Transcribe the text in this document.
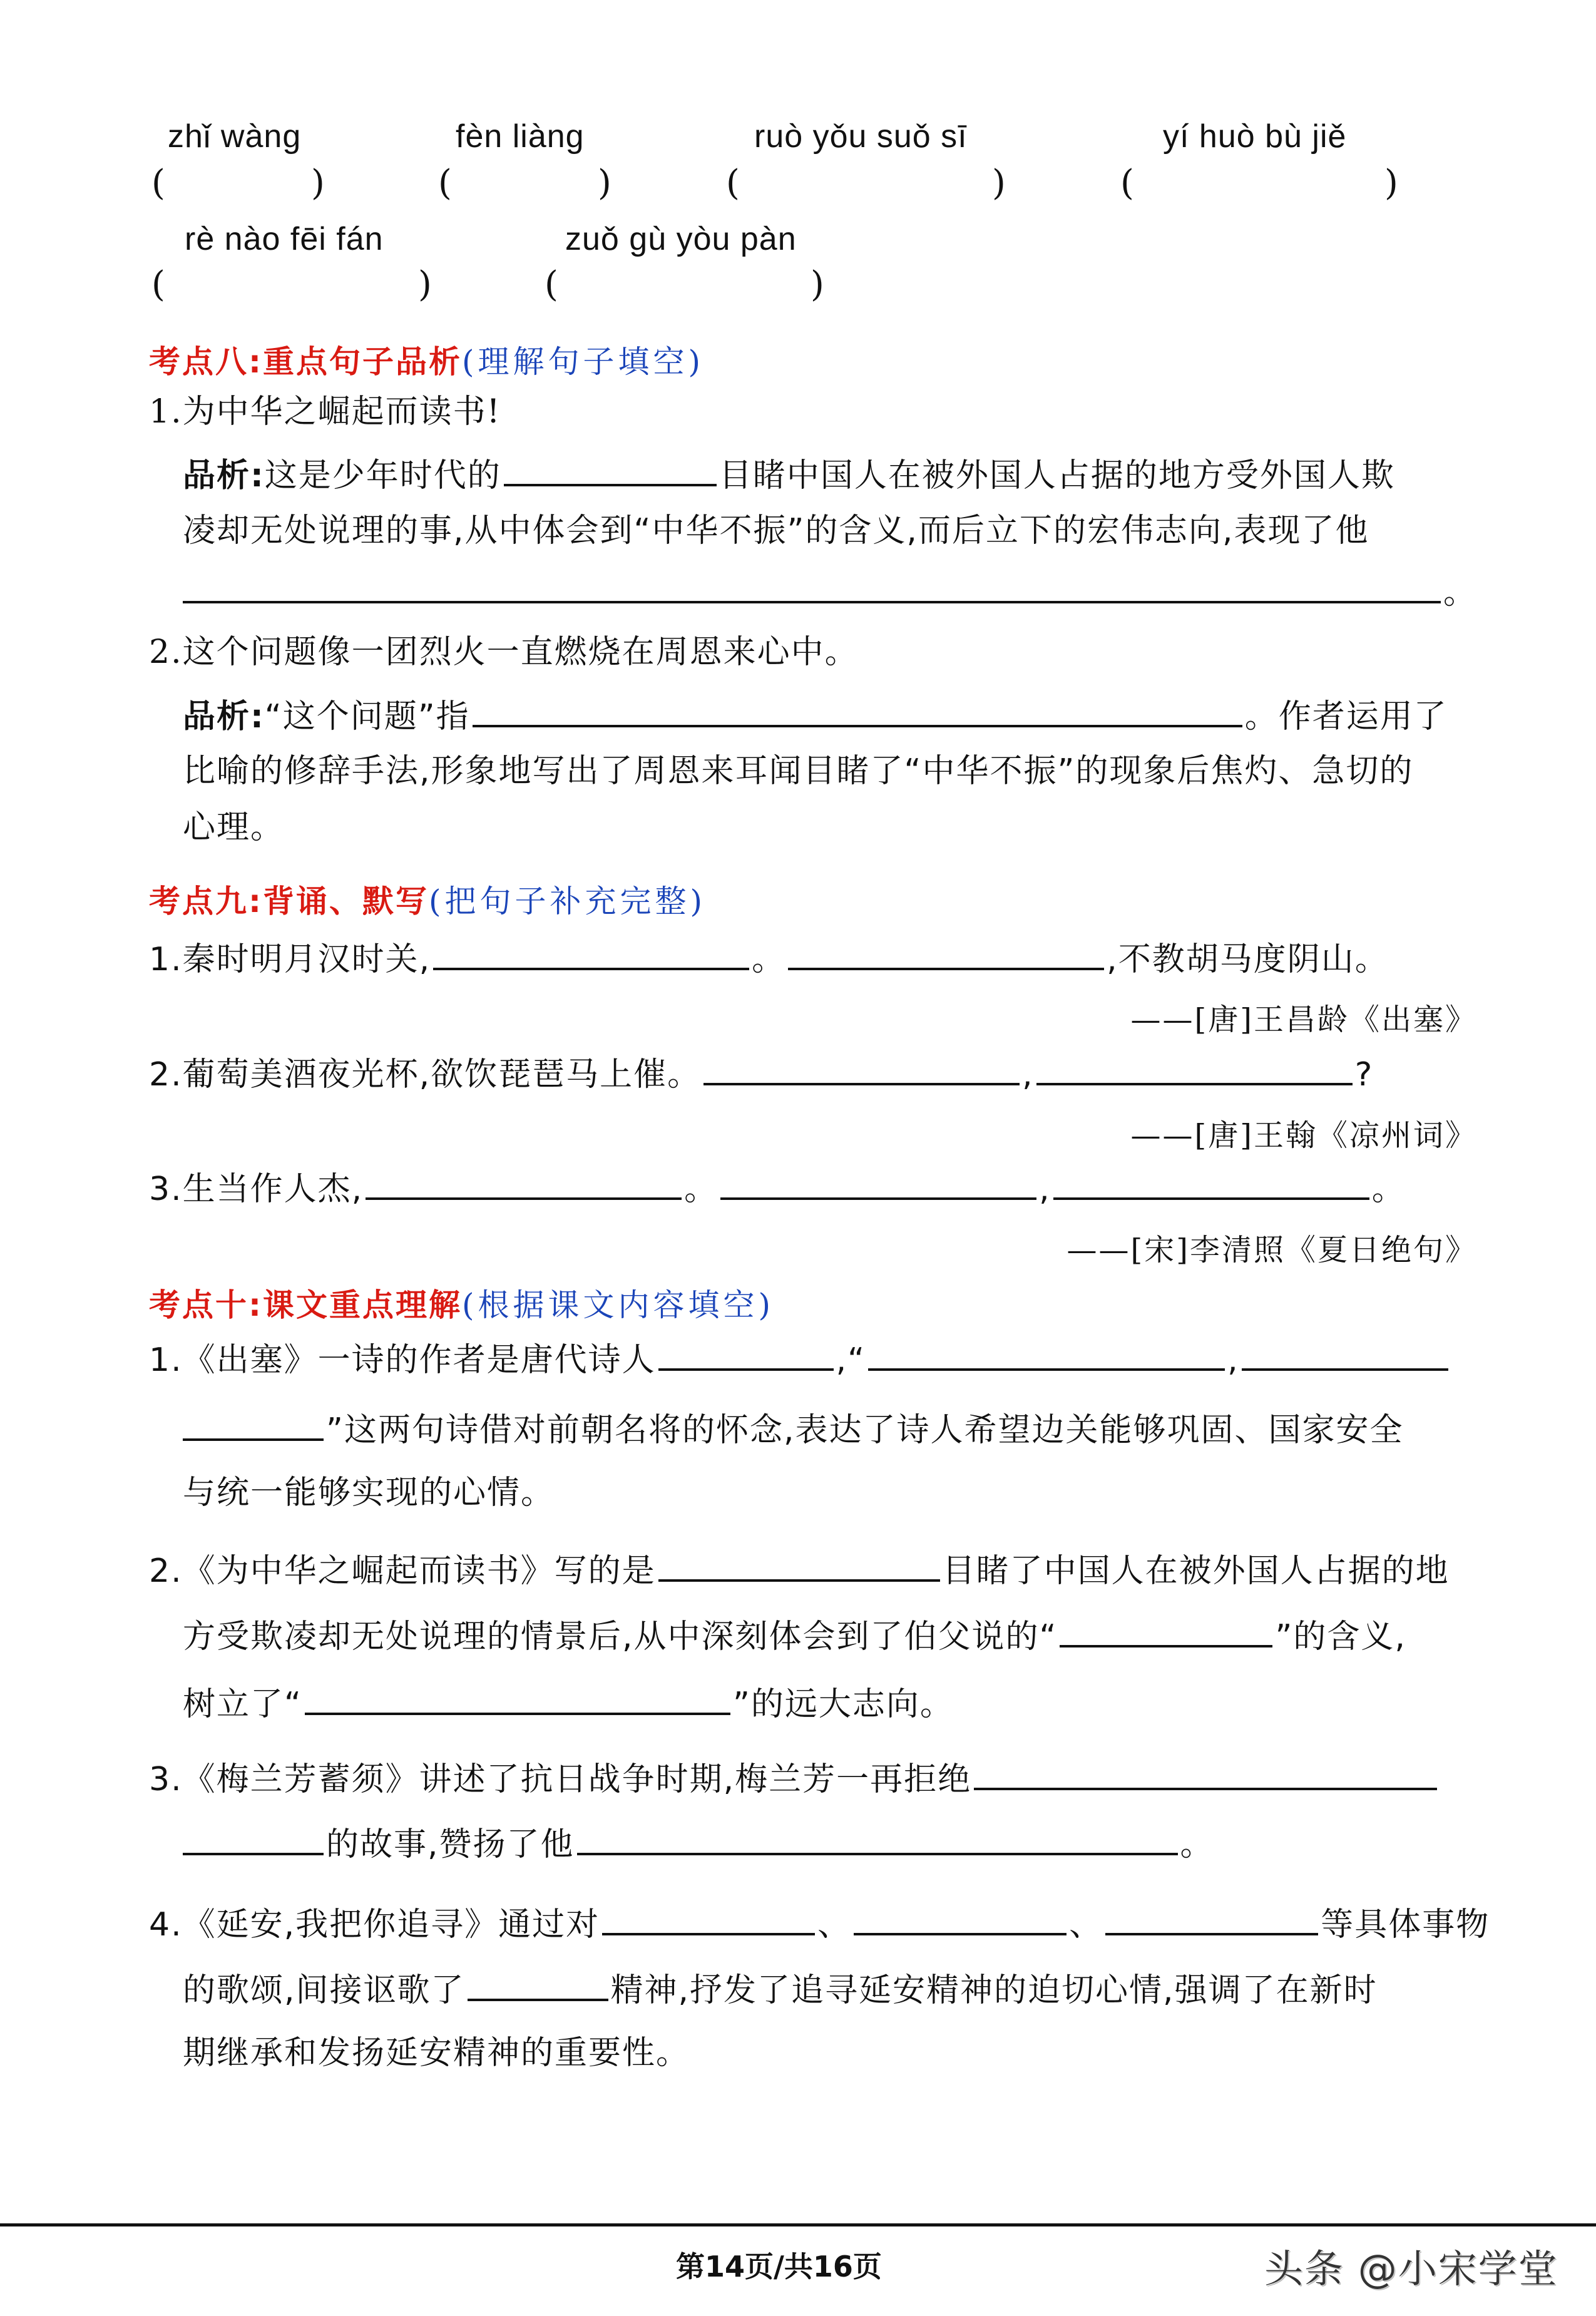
zhǐ wàng
(	)
fèn liàng
(	)
ruò yǒu suǒ sī
(	)
yí huò bù jiě
(	)
rè nào fēi fán
(	)
zuǒ gù yòu pàn
(	)
考点八:重点句子品析(理解句子填空)
1.为中华之崛起而读书!
品析:这是少年时代的	目睹中国人在被外国人占据的地方受外国人欺
凌却无处说理的事,从中体会到“中华不振”的含义,而后立下的宏伟志向,表现了他
。
2.这个问题像一团烈火一直燃烧在周恩来心中。
品析:“这个问题”指	。作者运用了
比喻的修辞手法,形象地写出了周恩来耳闻目睹了“中华不振”的现象后焦灼、急切的
心理。
考点九:背诵、默写(把句子补充完整)
1.秦时明月汉时关,	。	,不教胡马度阴山。
——[唐]王昌龄《出塞》
2.葡萄美酒夜光杯,欲饮琵琶马上催。	,	?
——[唐]王翰《凉州词》
3.生当作人杰,	。	,	。
——[宋]李清照《夏日绝句》
考点十:课文重点理解(根据课文内容填空)
1.《出塞》一诗的作者是唐代诗人	,“	,
”这两句诗借对前朝名将的怀念,表达了诗人希望边关能够巩固、国家安全
与统一能够实现的心情。
2.《为中华之崛起而读书》写的是	目睹了中国人在被外国人占据的地
方受欺凌却无处说理的情景后,从中深刻体会到了伯父说的“	”的含义,
树立了“	”的远大志向。
3.《梅兰芳蓄须》讲述了抗日战争时期,梅兰芳一再拒绝
的故事,赞扬了他	。
4.《延安,我把你追寻》通过对	、	、	等具体事物
的歌颂,间接讴歌了	精神,抒发了追寻延安精神的迫切心情,强调了在新时
期继承和发扬延安精神的重要性。
第14页/共16页	头条 @小宋学堂
